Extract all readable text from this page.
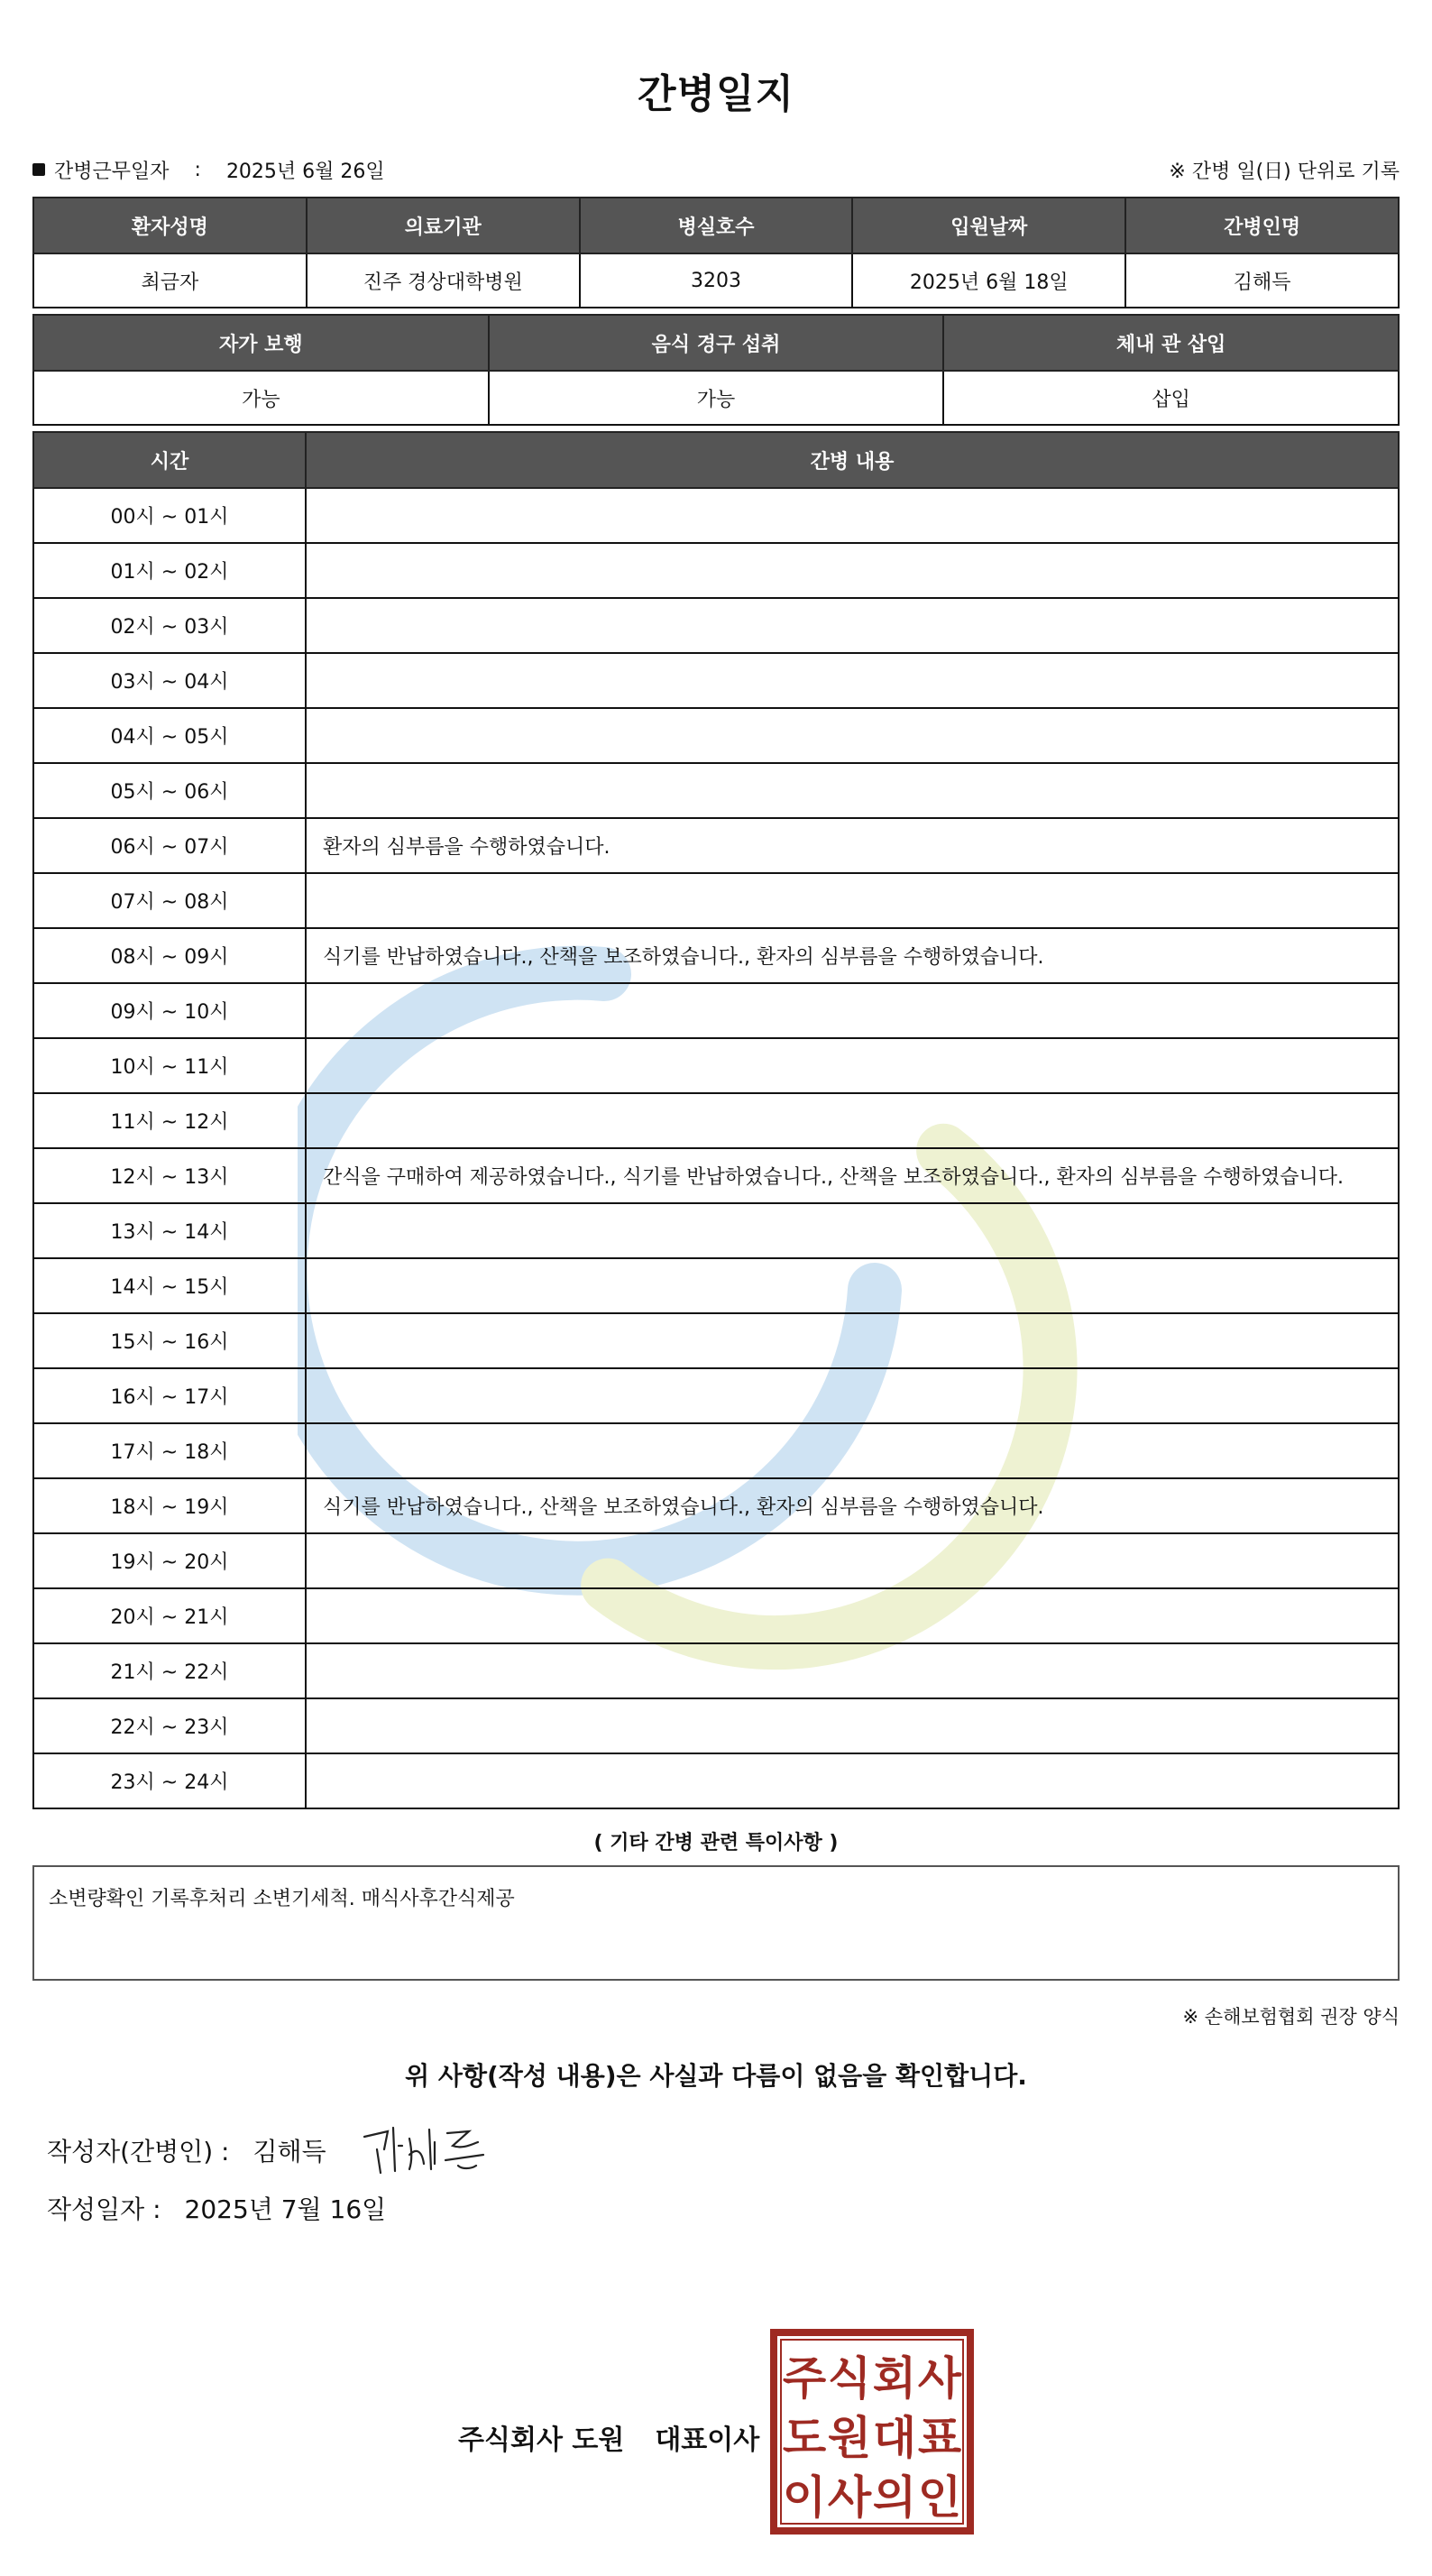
간병일지
간병근무일자 : 2025년 6월 26일	※ 간병 일(日) 단위로 기록
환자성명	의료기관	병실호수	입원날짜	간병인명
최금자	진주 경상대학병원	3203	2025년 6월 18일	김해득
자가 보행	음식 경구 섭취	체내 관 삽입
가능	가능	삽입
시간	간병 내용
00시 ~ 01시	
01시 ~ 02시	
02시 ~ 03시	
03시 ~ 04시	
04시 ~ 05시	
05시 ~ 06시	
06시 ~ 07시	환자의 심부름을 수행하였습니다.
07시 ~ 08시	
08시 ~ 09시	식기를 반납하였습니다., 산책을 보조하였습니다., 환자의 심부름을 수행하였습니다.
09시 ~ 10시	
10시 ~ 11시	
11시 ~ 12시	
12시 ~ 13시	간식을 구매하여 제공하였습니다., 식기를 반납하였습니다., 산책을 보조하였습니다., 환자의 심부름을 수행하였습니다.
13시 ~ 14시	
14시 ~ 15시	
15시 ~ 16시	
16시 ~ 17시	
17시 ~ 18시	
18시 ~ 19시	식기를 반납하였습니다., 산책을 보조하였습니다., 환자의 심부름을 수행하였습니다.
19시 ~ 20시	
20시 ~ 21시	
21시 ~ 22시	
22시 ~ 23시	
23시 ~ 24시	
( 기타 간병 관련 특이사항 )
소변량확인 기록후처리 소변기세척. 매식사후간식제공
※ 손해보험협회 권장 양식
위 사항(작성 내용)은 사실과 다름이 없음을 확인합니다.
작성자(간병인) : 김해득
작성일자 : 2025년 7월 16일
주식회사 도원 대표이사
주 식 회 사
도 원 대 표
이 사 의 인
